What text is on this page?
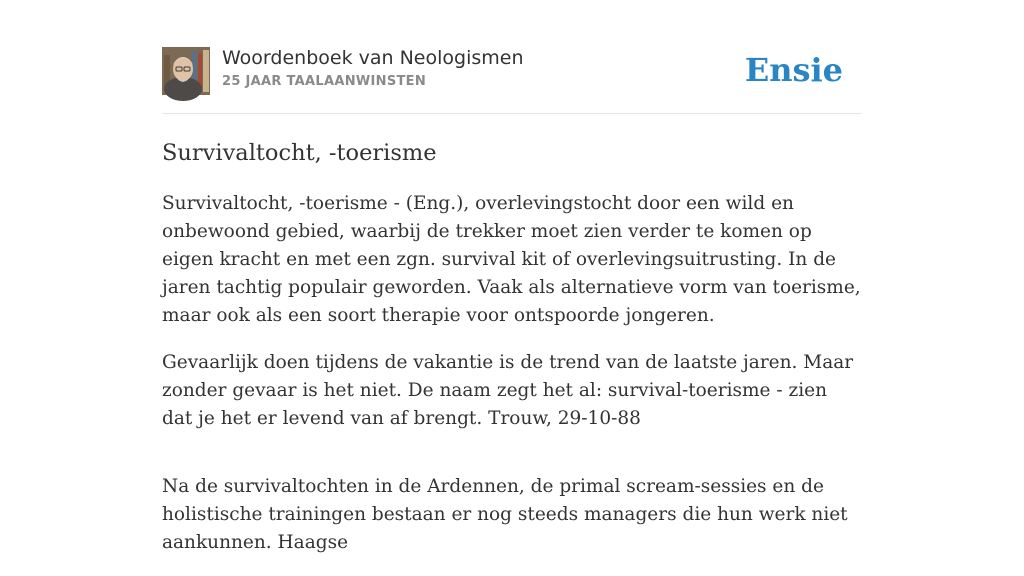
Woordenboek van Neologismen
25 JAAR TAALAANWINSTEN	Ensie
Survivaltocht, -toerisme

Survivaltocht, -toerisme - (Eng.), overlevingstocht door een wild en onbewoond gebied, waarbij de trekker moet zien verder te komen op eigen kracht en met een zgn. survival kit of overlevingsuitrusting. In de jaren tachtig populair geworden. Vaak als alternatieve vorm van toerisme, maar ook als een soort therapie voor ontspoorde jongeren.

Gevaarlijk doen tijdens de vakantie is de trend van de laatste jaren. Maar zonder gevaar is het niet. De naam zegt het al: survival-toerisme - zien dat je het er levend van af brengt. Trouw, 29-10-88

Na de survivaltochten in de Ardennen, de primal scream-sessies en de holistische trainingen bestaan er nog steeds managers die hun werk niet aankunnen. Haagse
